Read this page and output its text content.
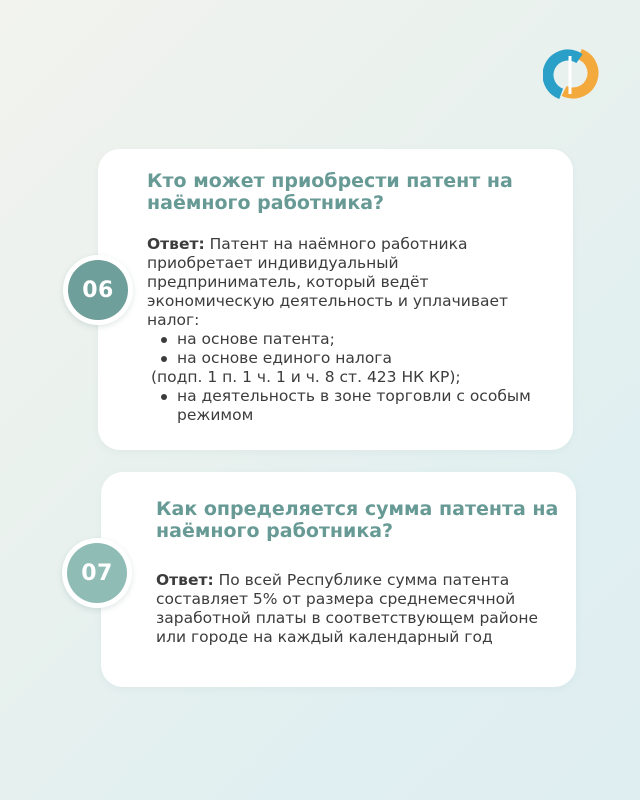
06
Кто может приобрести патент на наёмного работника?
Ответ: Патент на наёмного работника приобретает индивидуальный предприниматель, который ведёт экономическую деятельность и уплачивает налог:
на основе патента;
на основе единого налога
(подп. 1 п. 1 ч. 1 и ч. 8 ст. 423 НК КР);
на деятельность в зоне торговли с особым режимом
07
Как определяется сумма патента на наёмного работника?
Ответ: По всей Республике сумма патента составляет 5% от размера среднемесячной заработной платы в соответствующем районе или городе на каждый календарный год
